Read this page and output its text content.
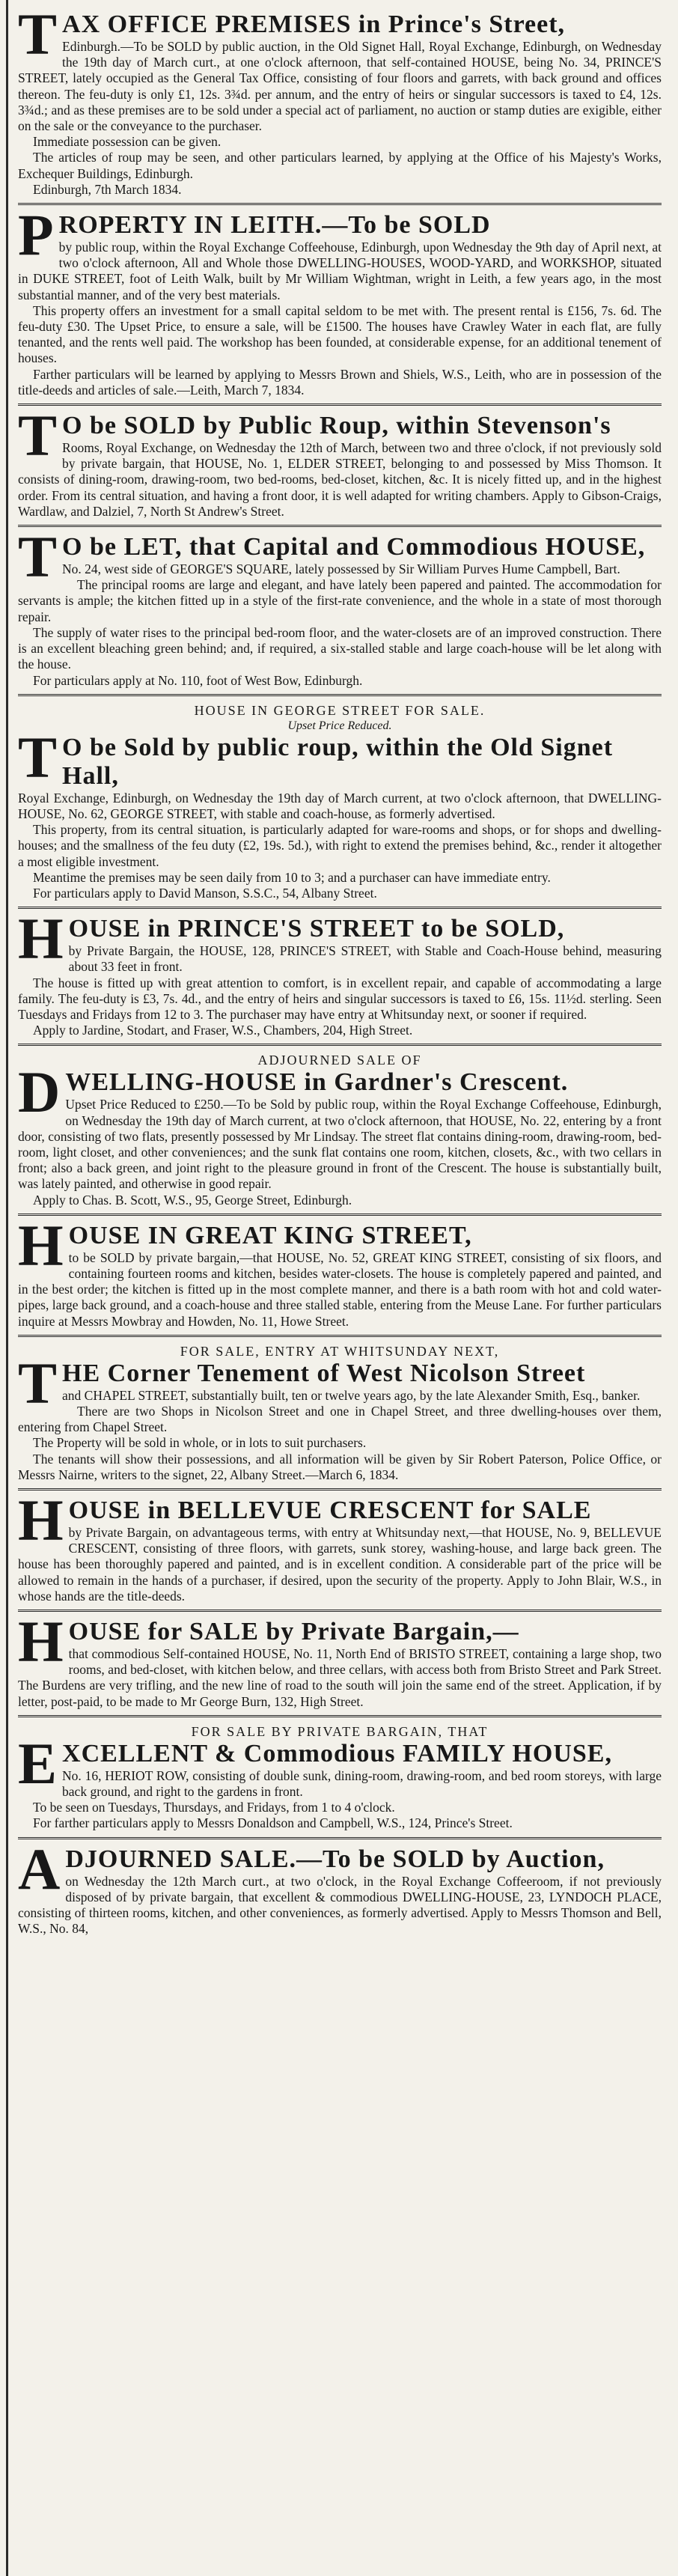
TAX OFFICE PREMISES in Prince's Street,

Edinburgh.—To be SOLD by public auction, in the Old Signet Hall, Royal Exchange, Edinburgh, on Wednesday the 19th day of March curt., at one o'clock afternoon, that self-contained HOUSE, being No. 34, PRINCE'S STREET, lately occupied as the General Tax Office, consisting of four floors and garrets, with back ground and offices thereon. The feu-duty is only £1, 12s. 3¾d. per annum, and the entry of heirs or singular successors is taxed to £4, 12s. 3¾d.; and as these premises are to be sold under a special act of parliament, no auction or stamp duties are exigible, either on the sale or the conveyance to the purchaser.

Immediate possession can be given.

The articles of roup may be seen, and other particulars learned, by applying at the Office of his Majesty's Works, Exchequer Buildings, Edinburgh.

Edinburgh, 7th March 1834.

PROPERTY IN LEITH.—To be SOLD

by public roup, within the Royal Exchange Coffeehouse, Edinburgh, upon Wednesday the 9th day of April next, at two o'clock afternoon, All and Whole those DWELLING-HOUSES, WOOD-YARD, and WORKSHOP, situated in DUKE STREET, foot of Leith Walk, built by Mr William Wightman, wright in Leith, a few years ago, in the most substantial manner, and of the very best materials.

This property offers an investment for a small capital seldom to be met with. The present rental is £156, 7s. 6d. The feu-duty £30. The Upset Price, to ensure a sale, will be £1500. The houses have Crawley Water in each flat, are fully tenanted, and the rents well paid. The workshop has been founded, at considerable expense, for an additional tenement of houses.

Farther particulars will be learned by applying to Messrs Brown and Shiels, W.S., Leith, who are in possession of the title-deeds and articles of sale.—Leith, March 7, 1834.

T O be SOLD by Public Roup, within Stevenson's

Rooms, Royal Exchange, on Wednesday the 12th of March, between two and three o'clock, if not previously sold by private bargain, that HOUSE, No. 1, ELDER STREET, belonging to and possessed by Miss Thomson. It consists of dining-room, drawing-room, two bed-rooms, bed-closet, kitchen, &c. It is nicely fitted up, and in the highest order. From its central situation, and having a front door, it is well adapted for writing chambers. Apply to Gibson-Craigs, Wardlaw, and Dalziel, 7, North St Andrew's Street.

T O be LET, that Capital and Commodious HOUSE,

No. 24, west side of GEORGE'S SQUARE, lately possessed by Sir William Purves Hume Campbell, Bart.

The principal rooms are large and elegant, and have lately been papered and painted. The accommodation for servants is ample; the kitchen fitted up in a style of the first-rate convenience, and the whole in a state of most thorough repair.

The supply of water rises to the principal bed-room floor, and the water-closets are of an improved construction. There is an excellent bleaching green behind; and, if required, a six-stalled stable and large coach-house will be let along with the house.

For particulars apply at No. 110, foot of West Bow, Edinburgh.

HOUSE IN GEORGE STREET FOR SALE.
Upset Price Reduced.
T O be Sold by public roup, within the Old Signet Hall,

Royal Exchange, Edinburgh, on Wednesday the 19th day of March current, at two o'clock afternoon, that DWELLING-HOUSE, No. 62, GEORGE STREET, with stable and coach-house, as formerly advertised.

This property, from its central situation, is particularly adapted for ware-rooms and shops, or for shops and dwelling-houses; and the smallness of the feu duty (£2, 19s. 5d.), with right to extend the premises behind, &c., render it altogether a most eligible investment.

Meantime the premises may be seen daily from 10 to 3; and a purchaser can have immediate entry.

For particulars apply to David Manson, S.S.C., 54, Albany Street.

HOUSE in PRINCE'S STREET to be SOLD,

by Private Bargain, the HOUSE, 128, PRINCE'S STREET, with Stable and Coach-House behind, measuring about 33 feet in front.

The house is fitted up with great attention to comfort, is in excellent repair, and capable of accommodating a large family. The feu-duty is £3, 7s. 4d., and the entry of heirs and singular successors is taxed to £6, 15s. 11½d. sterling. Seen Tuesdays and Fridays from 12 to 3. The purchaser may have entry at Whitsunday next, or sooner if required.

Apply to Jardine, Stodart, and Fraser, W.S., Chambers, 204, High Street.

ADJOURNED SALE OF
DWELLING-HOUSE in Gardner's Crescent.

Upset Price Reduced to £250.—To be Sold by public roup, within the Royal Exchange Coffeehouse, Edinburgh, on Wednesday the 19th day of March current, at two o'clock afternoon, that HOUSE, No. 22, entering by a front door, consisting of two flats, presently possessed by Mr Lindsay. The street flat contains dining-room, drawing-room, bed-room, light closet, and other conveniences; and the sunk flat contains one room, kitchen, closets, &c., with two cellars in front; also a back green, and joint right to the pleasure ground in front of the Crescent. The house is substantially built, was lately painted, and otherwise in good repair.

Apply to Chas. B. Scott, W.S., 95, George Street, Edinburgh.

HOUSE IN GREAT KING STREET,

to be SOLD by private bargain,—that HOUSE, No. 52, GREAT KING STREET, consisting of six floors, and containing fourteen rooms and kitchen, besides water-closets. The house is completely papered and painted, and in the best order; the kitchen is fitted up in the most complete manner, and there is a bath room with hot and cold water-pipes, large back ground, and a coach-house and three stalled stable, entering from the Meuse Lane. For further particulars inquire at Messrs Mowbray and Howden, No. 11, Howe Street.

FOR SALE, ENTRY AT WHITSUNDAY NEXT,
THE Corner Tenement of West Nicolson Street

and CHAPEL STREET, substantially built, ten or twelve years ago, by the late Alexander Smith, Esq., banker.

There are two Shops in Nicolson Street and one in Chapel Street, and three dwelling-houses over them, entering from Chapel Street.

The Property will be sold in whole, or in lots to suit purchasers.

The tenants will show their possessions, and all information will be given by Sir Robert Paterson, Police Office, or Messrs Nairne, writers to the signet, 22, Albany Street.—March 6, 1834.

HOUSE in BELLEVUE CRESCENT for SALE

by Private Bargain, on advantageous terms, with entry at Whitsunday next,—that HOUSE, No. 9, BELLEVUE CRESCENT, consisting of three floors, with garrets, sunk storey, washing-house, and large back green. The house has been thoroughly papered and painted, and is in excellent condition. A considerable part of the price will be allowed to remain in the hands of a purchaser, if desired, upon the security of the property. Apply to John Blair, W.S., in whose hands are the title-deeds.

HOUSE for SALE by Private Bargain,—

that commodious Self-contained HOUSE, No. 11, North End of BRISTO STREET, containing a large shop, two rooms, and bed-closet, with kitchen below, and three cellars, with access both from Bristo Street and Park Street. The Burdens are very trifling, and the new line of road to the south will join the same end of the street. Application, if by letter, post-paid, to be made to Mr George Burn, 132, High Street.

FOR SALE BY PRIVATE BARGAIN, THAT
EXCELLENT & Commodious FAMILY HOUSE,

No. 16, HERIOT ROW, consisting of double sunk, dining-room, drawing-room, and bed room storeys, with large back ground, and right to the gardens in front.

To be seen on Tuesdays, Thursdays, and Fridays, from 1 to 4 o'clock.

For farther particulars apply to Messrs Donaldson and Campbell, W.S., 124, Prince's Street.

ADJOURNED SALE.—To be SOLD by Auction,

on Wednesday the 12th March curt., at two o'clock, in the Royal Exchange Coffeeroom, if not previously disposed of by private bargain, that excellent & commodious DWELLING-HOUSE, 23, LYNDOCH PLACE, consisting of thirteen rooms, kitchen, and other conveniences, as formerly advertised. Apply to Messrs Thomson and Bell, W.S., No. 84,
